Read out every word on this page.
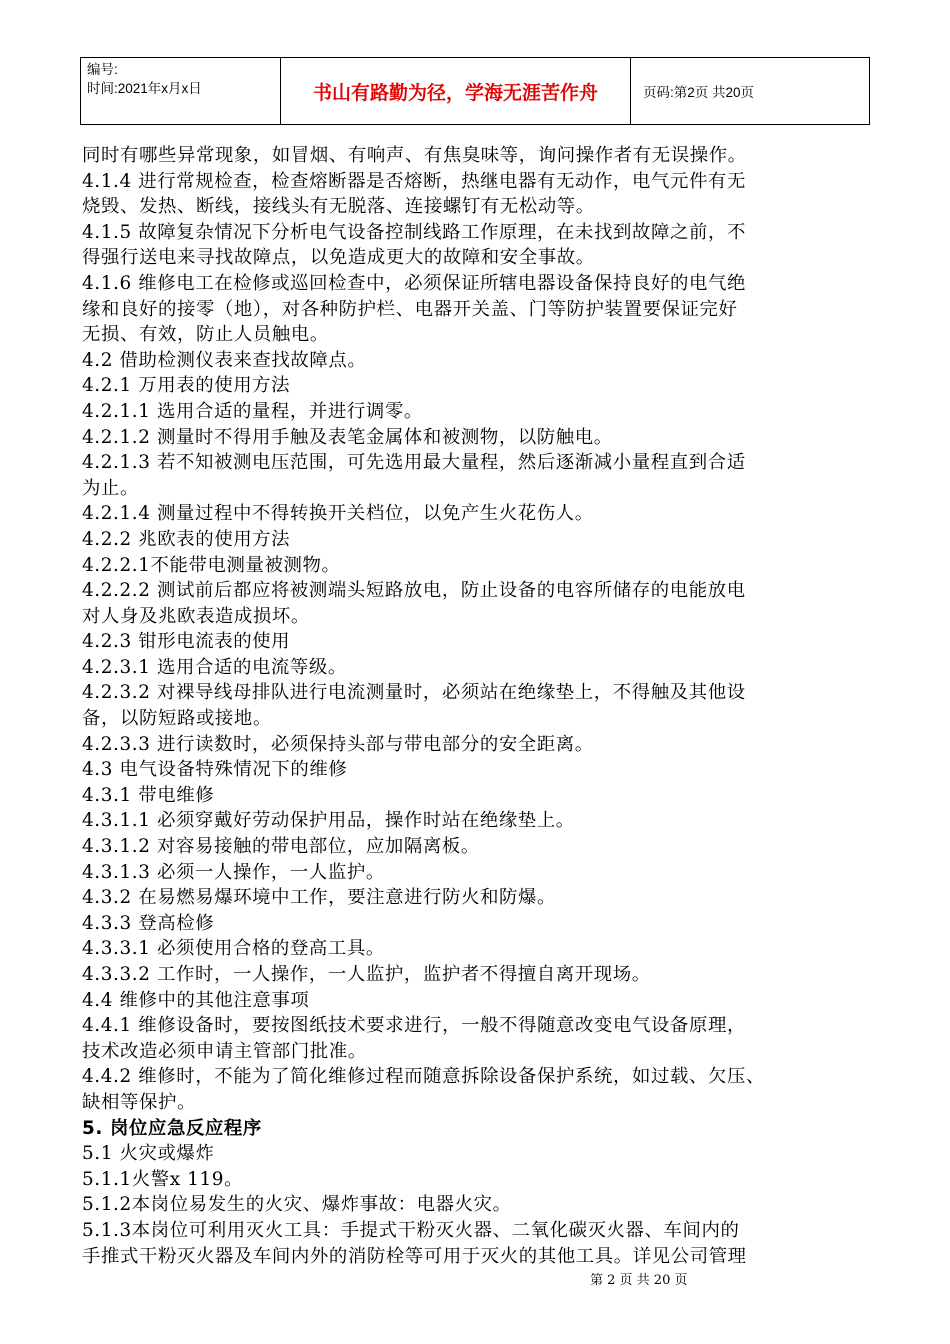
编号:
时间:2021年x月x日	书山有路勤为径，学海无涯苦作舟	页码:第2页 共20页
同时有哪些异常现象，如冒烟、有响声、有焦臭味等，询问操作者有无误操作。
4.1.4 进行常规检查，检查熔断器是否熔断，热继电器有无动作，电气元件有无
烧毁、发热、断线，接线头有无脱落、连接螺钉有无松动等。
4.1.5 故障复杂情况下分析电气设备控制线路工作原理，在未找到故障之前，不
得强行送电来寻找故障点，以免造成更大的故障和安全事故。
4.1.6 维修电工在检修或巡回检查中，必须保证所辖电器设备保持良好的电气绝
缘和良好的接零（地），对各种防护栏、电器开关盖、门等防护装置要保证完好
无损、有效，防止人员触电。
4.2 借助检测仪表来查找故障点。
4.2.1 万用表的使用方法
4.2.1.1 选用合适的量程，并进行调零。
4.2.1.2 测量时不得用手触及表笔金属体和被测物，以防触电。
4.2.1.3 若不知被测电压范围，可先选用最大量程，然后逐渐减小量程直到合适
为止。
4.2.1.4 测量过程中不得转换开关档位，以免产生火花伤人。
4.2.2 兆欧表的使用方法
4.2.2.1不能带电测量被测物。
4.2.2.2 测试前后都应将被测端头短路放电，防止设备的电容所储存的电能放电
对人身及兆欧表造成损坏。
4.2.3 钳形电流表的使用
4.2.3.1 选用合适的电流等级。
4.2.3.2 对裸导线母排队进行电流测量时，必须站在绝缘垫上，不得触及其他设
备，以防短路或接地。
4.2.3.3 进行读数时，必须保持头部与带电部分的安全距离。
4.3 电气设备特殊情况下的维修
4.3.1 带电维修
4.3.1.1 必须穿戴好劳动保护用品，操作时站在绝缘垫上。
4.3.1.2 对容易接触的带电部位，应加隔离板。
4.3.1.3 必须一人操作，一人监护。
4.3.2 在易燃易爆环境中工作，要注意进行防火和防爆。
4.3.3 登高检修
4.3.3.1 必须使用合格的登高工具。
4.3.3.2 工作时，一人操作，一人监护，监护者不得擅自离开现场。
4.4 维修中的其他注意事项
4.4.1 维修设备时，要按图纸技术要求进行，一般不得随意改变电气设备原理，
技术改造必须申请主管部门批准。
4.4.2 维修时，不能为了简化维修过程而随意拆除设备保护系统，如过载、欠压、
缺相等保护。
5. 岗位应急反应程序
5.1 火灾或爆炸
5.1.1火警x 119。
5.1.2本岗位易发生的火灾、爆炸事故：电器火灾。
5.1.3本岗位可利用灭火工具：手提式干粉灭火器、二氧化碳灭火器、车间内的
手推式干粉灭火器及车间内外的消防栓等可用于灭火的其他工具。详见公司管理
第 2 页 共 20 页
